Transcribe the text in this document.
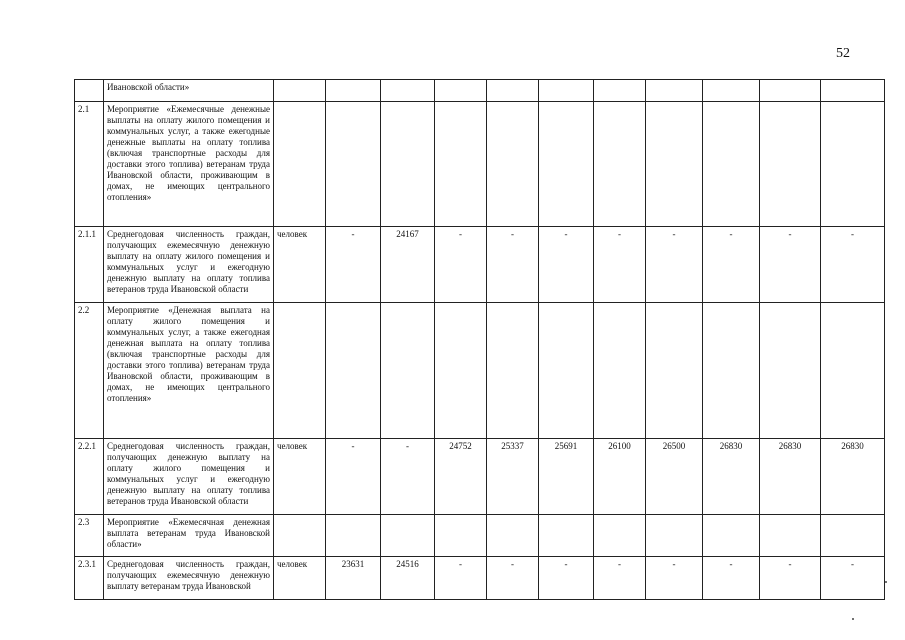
52
	Ивановской области»												
2.1	Мероприятие «Ежемесячные денежные выплаты на оплату жилого помещения и коммунальных услуг, а также ежегодные денежные выплаты на оплату топлива (включая транспортные расходы для доставки этого топлива) ветеранам труда Ивановской области, проживающим в домах, не имеющих центрального отопления»												
2.1.1	Среднегодовая численность граждан, получающих ежемесячную денежную выплату на оплату жилого помещения и коммунальных услуг и ежегодную денежную выплату на оплату топлива ветеранов труда Ивановской области	человек	-	24167	-	-	-	-	-	-	-	-	
2.2	Мероприятие «Денежная выплата на оплату жилого помещения и коммунальных услуг, а также ежегодная денежная выплата на оплату топлива (включая транспортные расходы для доставки этого топлива) ветеранам труда Ивановской области, проживающим в домах, не имеющих центрального отопления»												
2.2.1	Среднегодовая численность граждан, получающих денежную выплату на оплату жилого помещения и коммунальных услуг и ежегодную денежную выплату на оплату топлива ветеранов труда Ивановской области	человек	-	-	24752	25337	25691	26100	26500	26830	26830	26830	
2.3	Мероприятие «Ежемесячная денежная выплата ветеранам труда Ивановской области»												
2.3.1	Среднегодовая численность граждан, получающих ежемесячную денежную выплату ветеранам труда Ивановской	человек	23631	24516	-	-	-	-	-	-	-	-	
